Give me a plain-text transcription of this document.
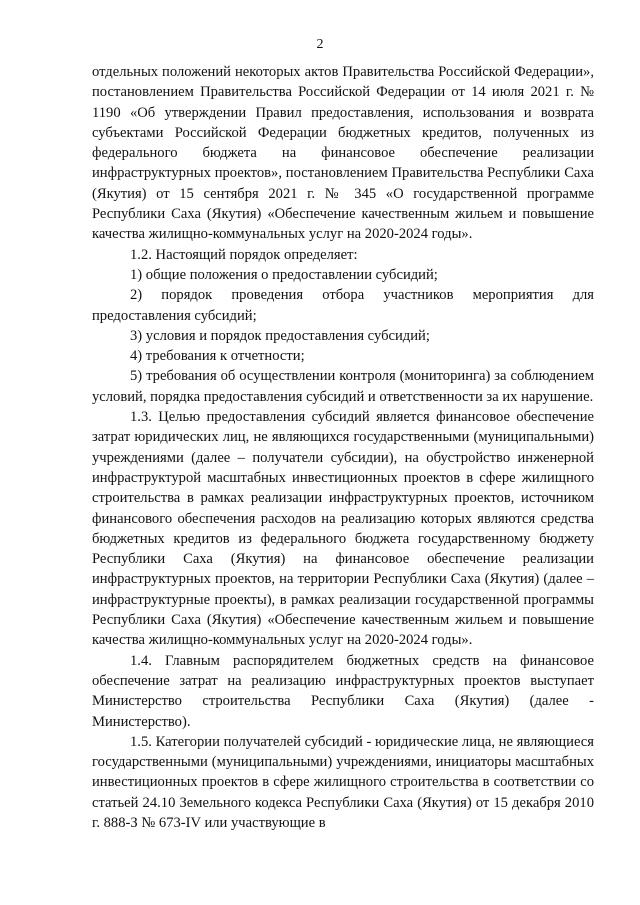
2

отдельных положений некоторых актов Правительства Российской Федерации», постановлением Правительства Российской Федерации от 14 июля 2021 г. № 1190 «Об утверждении Правил предоставления, использования и возврата субъектами Российской Федерации бюджетных кредитов, полученных из федерального бюджета на финансовое обеспечение реализации инфраструктурных проектов», постановлением Правительства Республики Саха (Якутия) от 15 сентября 2021 г. № 345 «О государственной программе Республики Саха (Якутия) «Обеспечение качественным жильем и повышение качества жилищно-коммунальных услуг на 2020-2024 годы».

1.2. Настоящий порядок определяет:

1) общие положения о предоставлении субсидий;

2) порядок проведения отбора участников мероприятия для предоставления субсидий;

3) условия и порядок предоставления субсидий;

4) требования к отчетности;

5) требования об осуществлении контроля (мониторинга) за соблюдением условий, порядка предоставления субсидий и ответственности за их нарушение.

1.3. Целью предоставления субсидий является финансовое обеспечение затрат юридических лиц, не являющихся государственными (муниципальными) учреждениями (далее – получатели субсидии), на обустройство инженерной инфраструктурой масштабных инвестиционных проектов в сфере жилищного строительства в рамках реализации инфраструктурных проектов, источником финансового обеспечения расходов на реализацию которых являются средства бюджетных кредитов из федерального бюджета государственному бюджету Республики Саха (Якутия) на финансовое обеспечение реализации инфраструктурных проектов, на территории Республики Саха (Якутия) (далее – инфраструктурные проекты), в рамках реализации государственной программы Республики Саха (Якутия) «Обеспечение качественным жильем и повышение качества жилищно-коммунальных услуг на 2020-2024 годы».

1.4. Главным распорядителем бюджетных средств на финансовое обеспечение затрат на реализацию инфраструктурных проектов выступает Министерство строительства Республики Саха (Якутия) (далее - Министерство).

1.5. Категории получателей субсидий - юридические лица, не являющиеся государственными (муниципальными) учреждениями, инициаторы масштабных инвестиционных проектов в сфере жилищного строительства в соответствии со статьей 24.10 Земельного кодекса Республики Саха (Якутия) от 15 декабря 2010 г. 888-З № 673-IV или участвующие в
